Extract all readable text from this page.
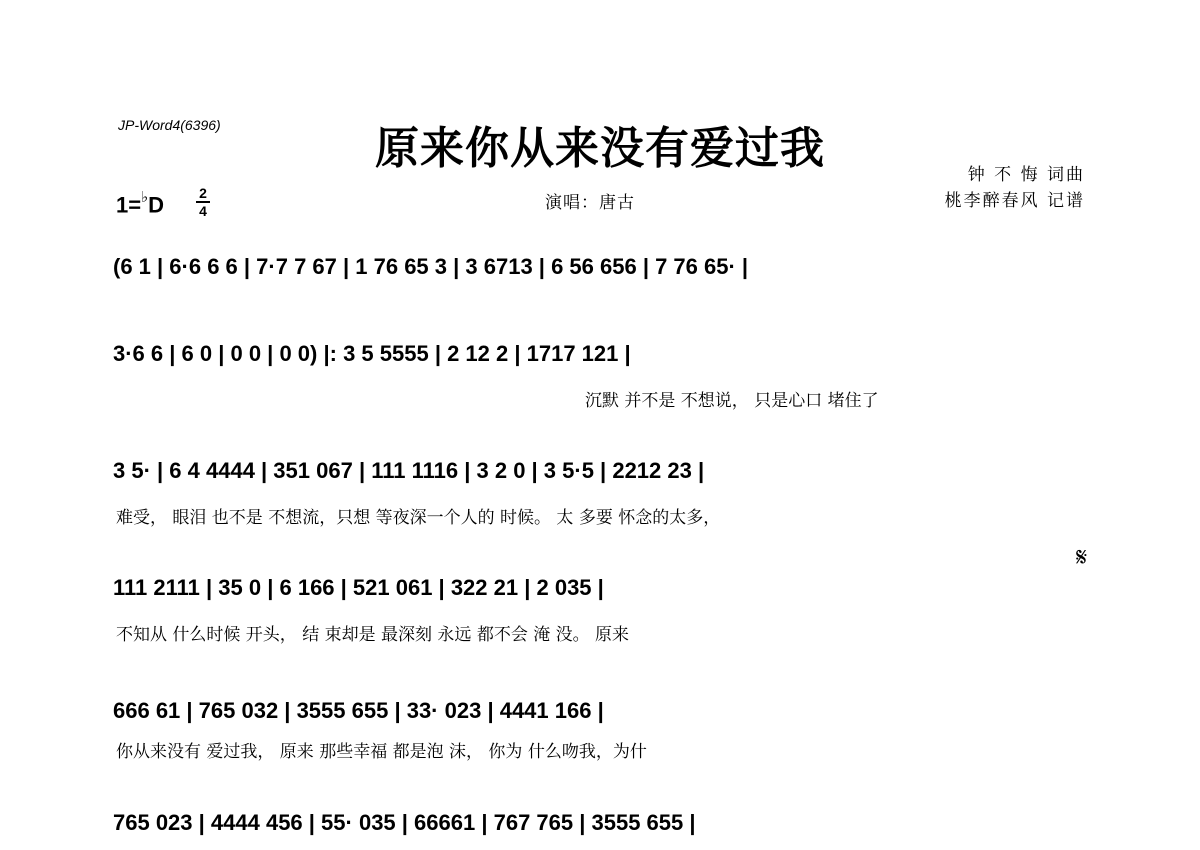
JP-Word4(6396)	原来你从来没有爱过我
钟 不 悔 词曲
桃李醉春风 记谱
演唱：唐古
1=♭D	2
4
(6 1 | 6·6 6 6 | 7·7 7 67 | 1 76 65 3 | 3 6713 | 6 56 656 | 7 76 65· |
3·6 6 | 6 0 | 0 0 | 0 0) |: 3 5 5555 | 2 12 2 | 1717 121 |
沉默 并不是 不想说， 只是心口 堵住了
3 5· | 6 4 4444 | 351 067 | 111 1116 | 3 2 0 | 3 5·5 | 2212 23 |
难受， 眼泪 也不是 不想流，只想 等夜深一个人的 时候。 太 多要 怀念的太多，
𝄋
111 2111 | 35 0 | 6 166 | 521 061 | 322 21 | 2 035 |
不知从 什么时候 开头， 结 束却是 最深刻 永远 都不会 淹 没。 原来
666 61 | 765 032 | 3555 655 | 33· 023 | 4441 166 |
你从来没有 爱过我， 原来 那些幸福 都是泡 沫， 你为 什么吻我，为什
765 023 | 4444 456 | 55· 035 | 66661 | 767 765 | 3555 655 |
